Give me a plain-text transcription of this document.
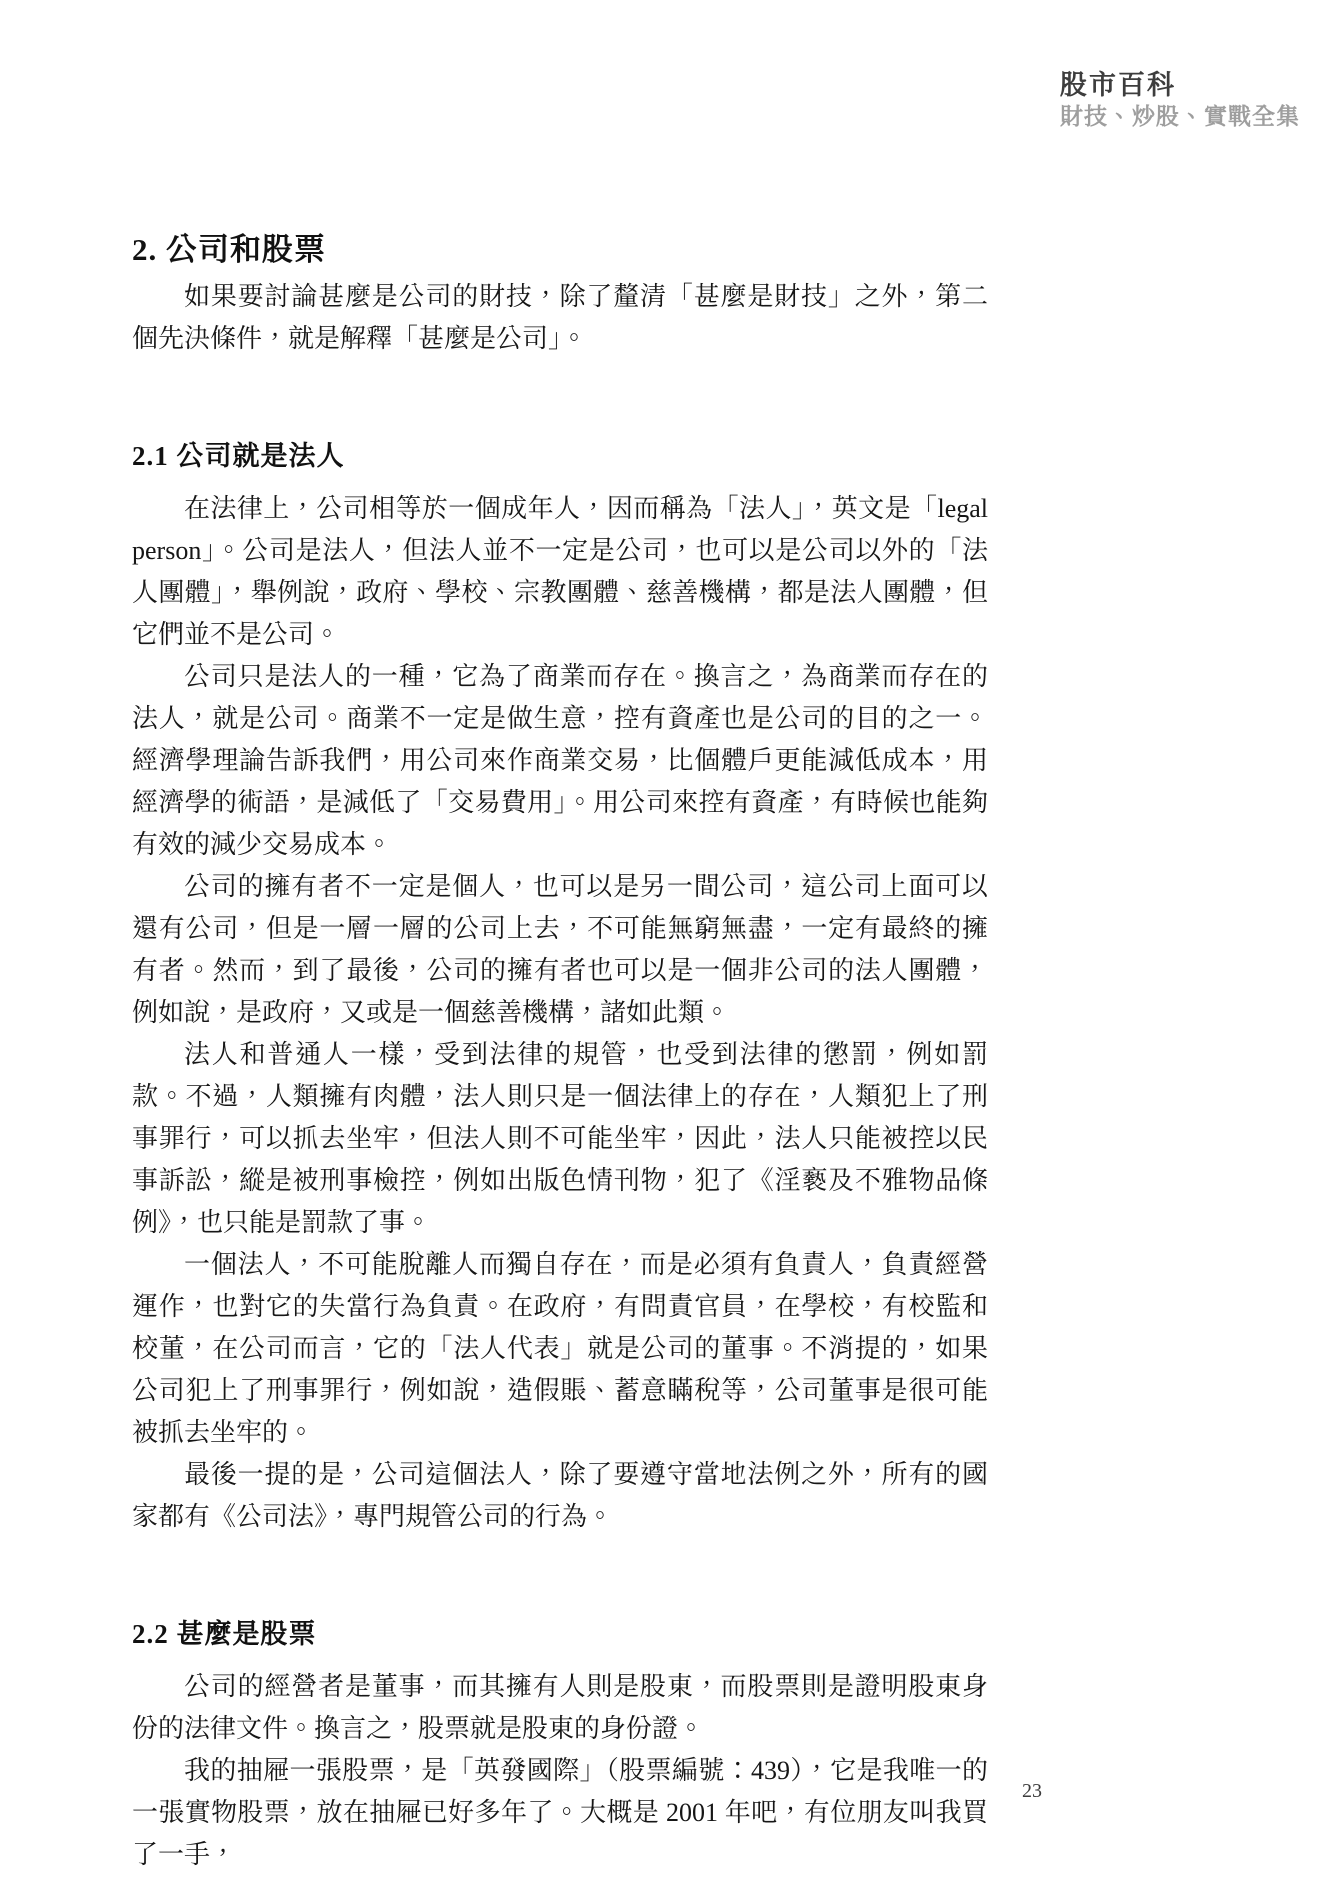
股市百科
財技、炒股、實戰全集
2. 公司和股票

如果要討論甚麼是公司的財技，除了釐清「甚麼是財技」之外，第二個先決條件，就是解釋「甚麼是公司」。

2.1 公司就是法人

在法律上，公司相等於一個成年人，因而稱為「法人」，英文是「legal person」。公司是法人，但法人並不一定是公司，也可以是公司以外的「法人團體」，舉例說，政府、學校、宗教團體、慈善機構，都是法人團體，但它們並不是公司。

公司只是法人的一種，它為了商業而存在。換言之，為商業而存在的法人，就是公司。商業不一定是做生意，控有資產也是公司的目的之一。經濟學理論告訴我們，用公司來作商業交易，比個體戶更能減低成本，用經濟學的術語，是減低了「交易費用」。用公司來控有資產，有時候也能夠有效的減少交易成本。

公司的擁有者不一定是個人，也可以是另一間公司，這公司上面可以還有公司，但是一層一層的公司上去，不可能無窮無盡，一定有最終的擁有者。然而，到了最後，公司的擁有者也可以是一個非公司的法人團體，例如說，是政府，又或是一個慈善機構，諸如此類。

法人和普通人一樣，受到法律的規管，也受到法律的懲罰，例如罰款。不過，人類擁有肉體，法人則只是一個法律上的存在，人類犯上了刑事罪行，可以抓去坐牢，但法人則不可能坐牢，因此，法人只能被控以民事訴訟，縱是被刑事檢控，例如出版色情刊物，犯了《淫褻及不雅物品條例》，也只能是罰款了事。

一個法人，不可能脫離人而獨自存在，而是必須有負責人，負責經營運作，也對它的失當行為負責。在政府，有問責官員，在學校，有校監和校董，在公司而言，它的「法人代表」就是公司的董事。不消提的，如果公司犯上了刑事罪行，例如說，造假賬、蓄意瞞稅等，公司董事是很可能被抓去坐牢的。

最後一提的是，公司這個法人，除了要遵守當地法例之外，所有的國家都有《公司法》，專門規管公司的行為。

2.2 甚麼是股票

公司的經營者是董事，而其擁有人則是股東，而股票則是證明股東身份的法律文件。換言之，股票就是股東的身份證。

我的抽屜一張股票，是「英發國際」（股票編號：439），它是我唯一的一張實物股票，放在抽屜已好多年了。大概是 2001 年吧，有位朋友叫我買了一手，

23
